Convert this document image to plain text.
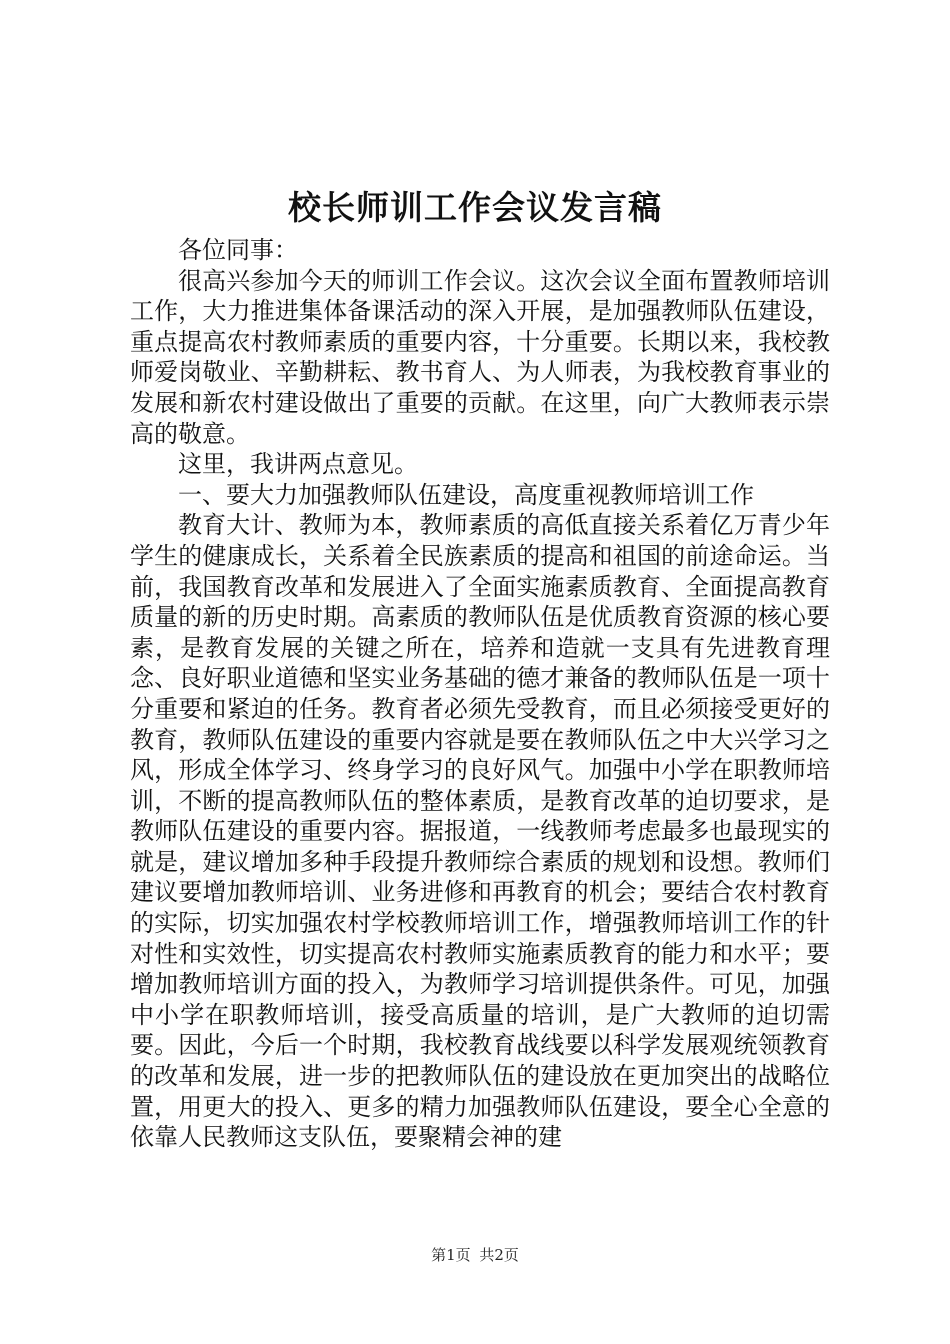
校长师训工作会议发言稿

各位同事：

很高兴参加今天的师训工作会议。这次会议全面布置教师培训工作，大力推进集体备课活动的深入开展，是加强教师队伍建设，重点提高农村教师素质的重要内容，十分重要。长期以来，我校教师爱岗敬业、辛勤耕耘、教书育人、为人师表，为我校教育事业的发展和新农村建设做出了重要的贡献。在这里，向广大教师表示崇高的敬意。

这里，我讲两点意见。

一、要大力加强教师队伍建设，高度重视教师培训工作

教育大计、教师为本，教师素质的高低直接关系着亿万青少年学生的健康成长，关系着全民族素质的提高和祖国的前途命运。当前，我国教育改革和发展进入了全面实施素质教育、全面提高教育质量的新的历史时期。高素质的教师队伍是优质教育资源的核心要素，是教育发展的关键之所在，培养和造就一支具有先进教育理念、良好职业道德和坚实业务基础的德才兼备的教师队伍是一项十分重要和紧迫的任务。教育者必须先受教育，而且必须接受更好的教育，教师队伍建设的重要内容就是要在教师队伍之中大兴学习之风，形成全体学习、终身学习的良好风气。加强中小学在职教师培训，不断的提高教师队伍的整体素质，是教育改革的迫切要求，是教师队伍建设的重要内容。据报道，一线教师考虑最多也最现实的就是，建议增加多种手段提升教师综合素质的规划和设想。教师们建议要增加教师培训、业务进修和再教育的机会；要结合农村教育的实际，切实加强农村学校教师培训工作，增强教师培训工作的针对性和实效性，切实提高农村教师实施素质教育的能力和水平；要增加教师培训方面的投入，为教师学习培训提供条件。可见，加强中小学在职教师培训，接受高质量的培训，是广大教师的迫切需要。因此，今后一个时期，我校教育战线要以科学发展观统领教育的改革和发展，进一步的把教师队伍的建设放在更加突出的战略位置，用更大的投入、更多的精力加强教师队伍建设，要全心全意的依靠人民教师这支队伍，要聚精会神的建

第1页 共2页
